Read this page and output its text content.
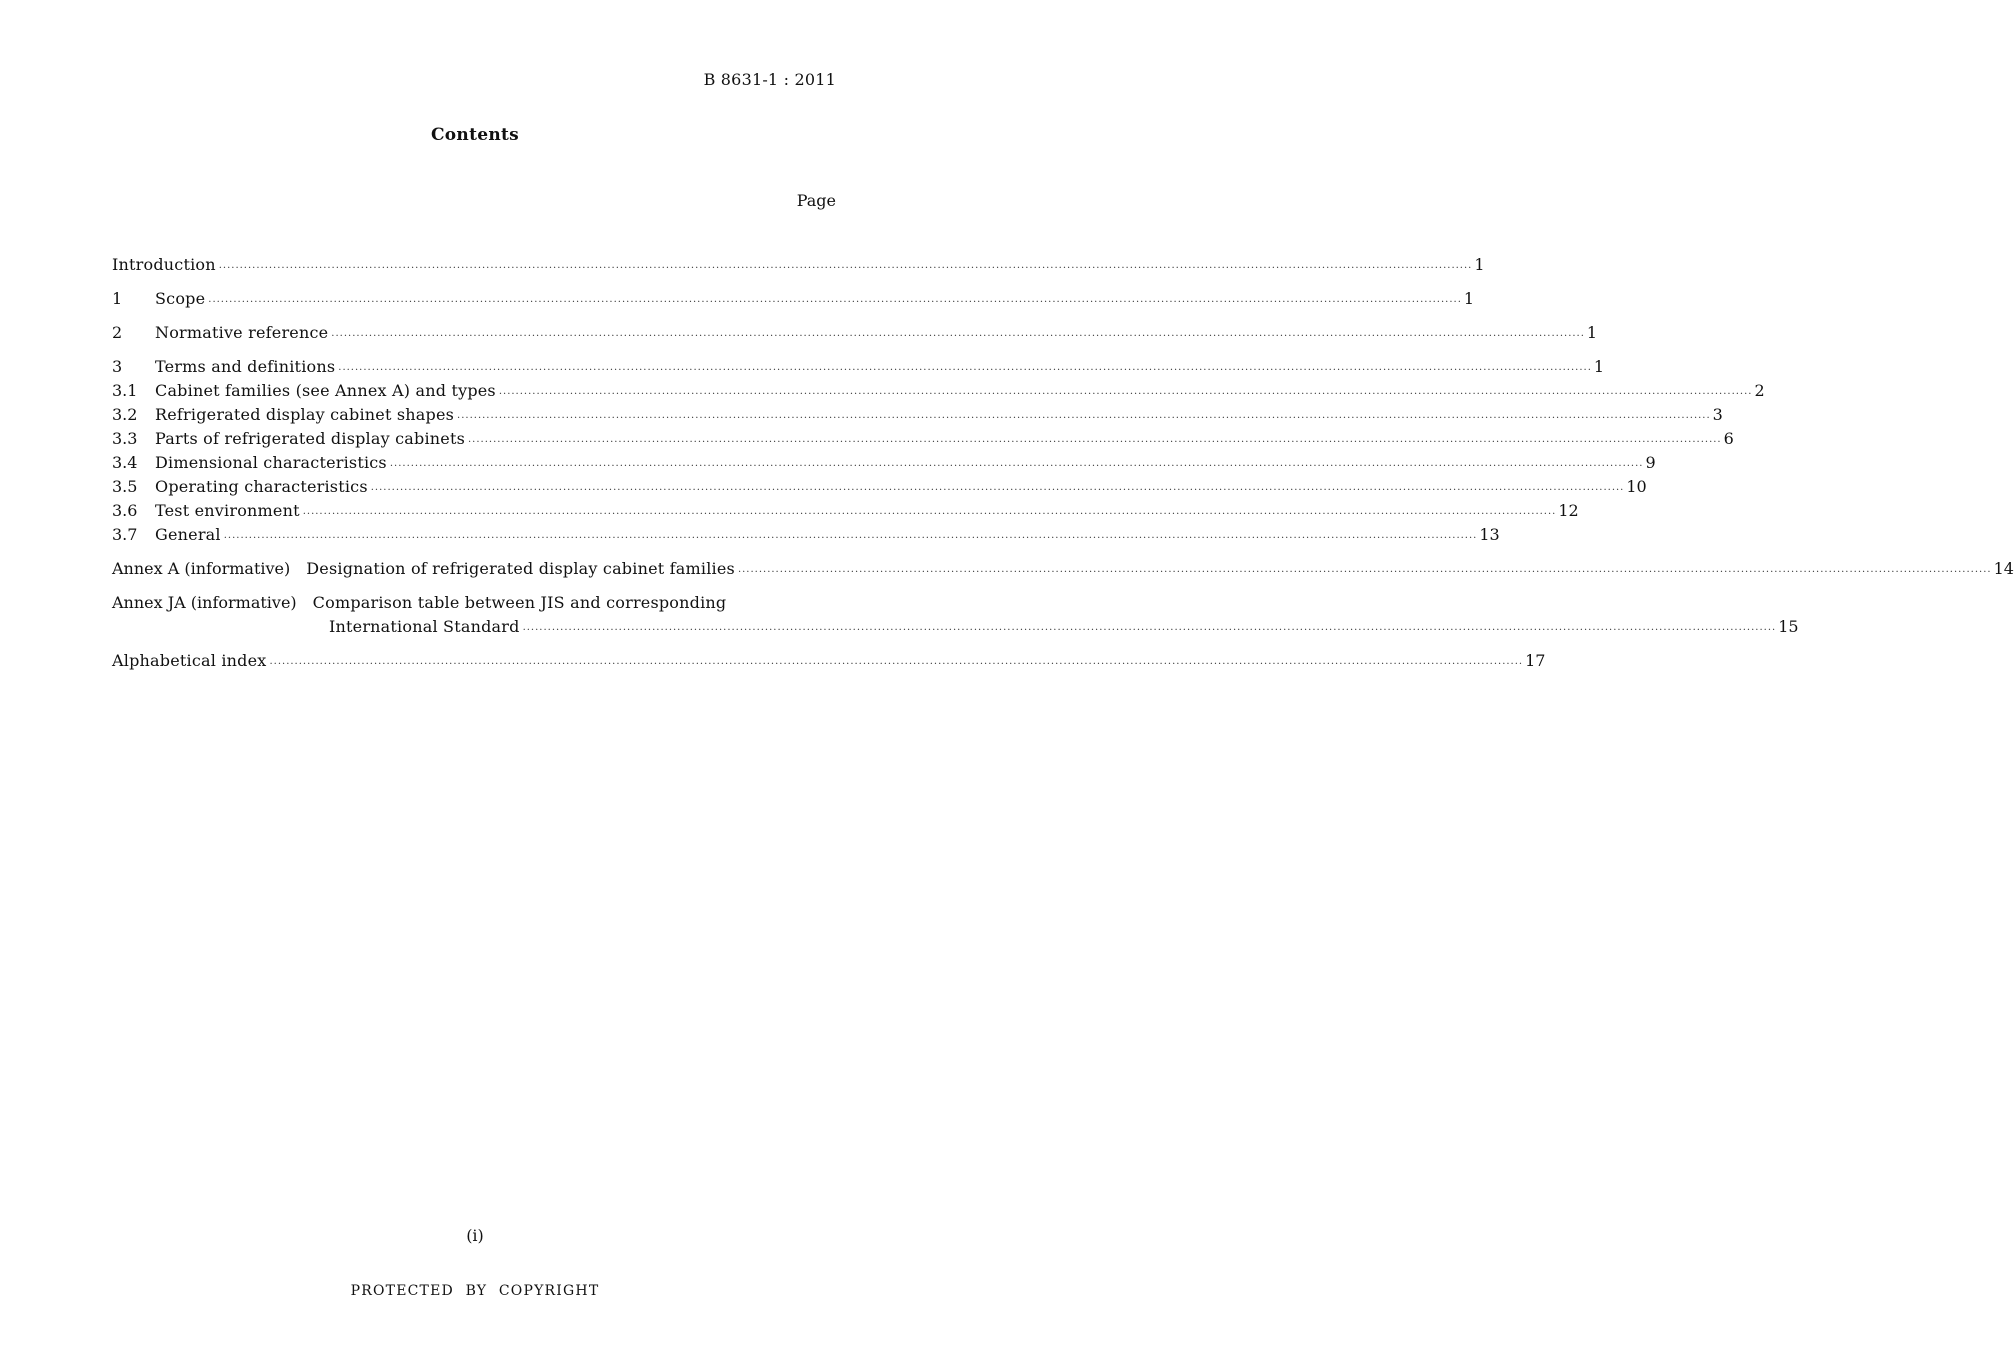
B 8631-1 : 2011
Contents
Page
Introduction ............................................................................................................................................................................................................................................................................................................ 1
1	Scope ............................................................................................................................................................................................................................................................................................................ 1
2	Normative reference ............................................................................................................................................................................................................................................................................................................ 1
3	Terms and definitions ............................................................................................................................................................................................................................................................................................................ 1
3.1	Cabinet families (see Annex A) and types ............................................................................................................................................................................................................................................................................................................ 2
3.2	Refrigerated display cabinet shapes ............................................................................................................................................................................................................................................................................................................ 3
3.3	Parts of refrigerated display cabinets ............................................................................................................................................................................................................................................................................................................ 6
3.4	Dimensional characteristics ............................................................................................................................................................................................................................................................................................................ 9
3.5	Operating characteristics ............................................................................................................................................................................................................................................................................................................ 10
3.6	Test environment ............................................................................................................................................................................................................................................................................................................ 12
3.7	General ............................................................................................................................................................................................................................................................................................................ 13
Annex A (informative) Designation of refrigerated display cabinet families ............................................................................................................................................................................................................................................................................................................ 14
Annex JA (informative) Comparison table between JIS and corresponding
International Standard ............................................................................................................................................................................................................................................................................................................ 15
Alphabetical index ............................................................................................................................................................................................................................................................................................................ 17
(i)
PROTECTED BY COPYRIGHT
